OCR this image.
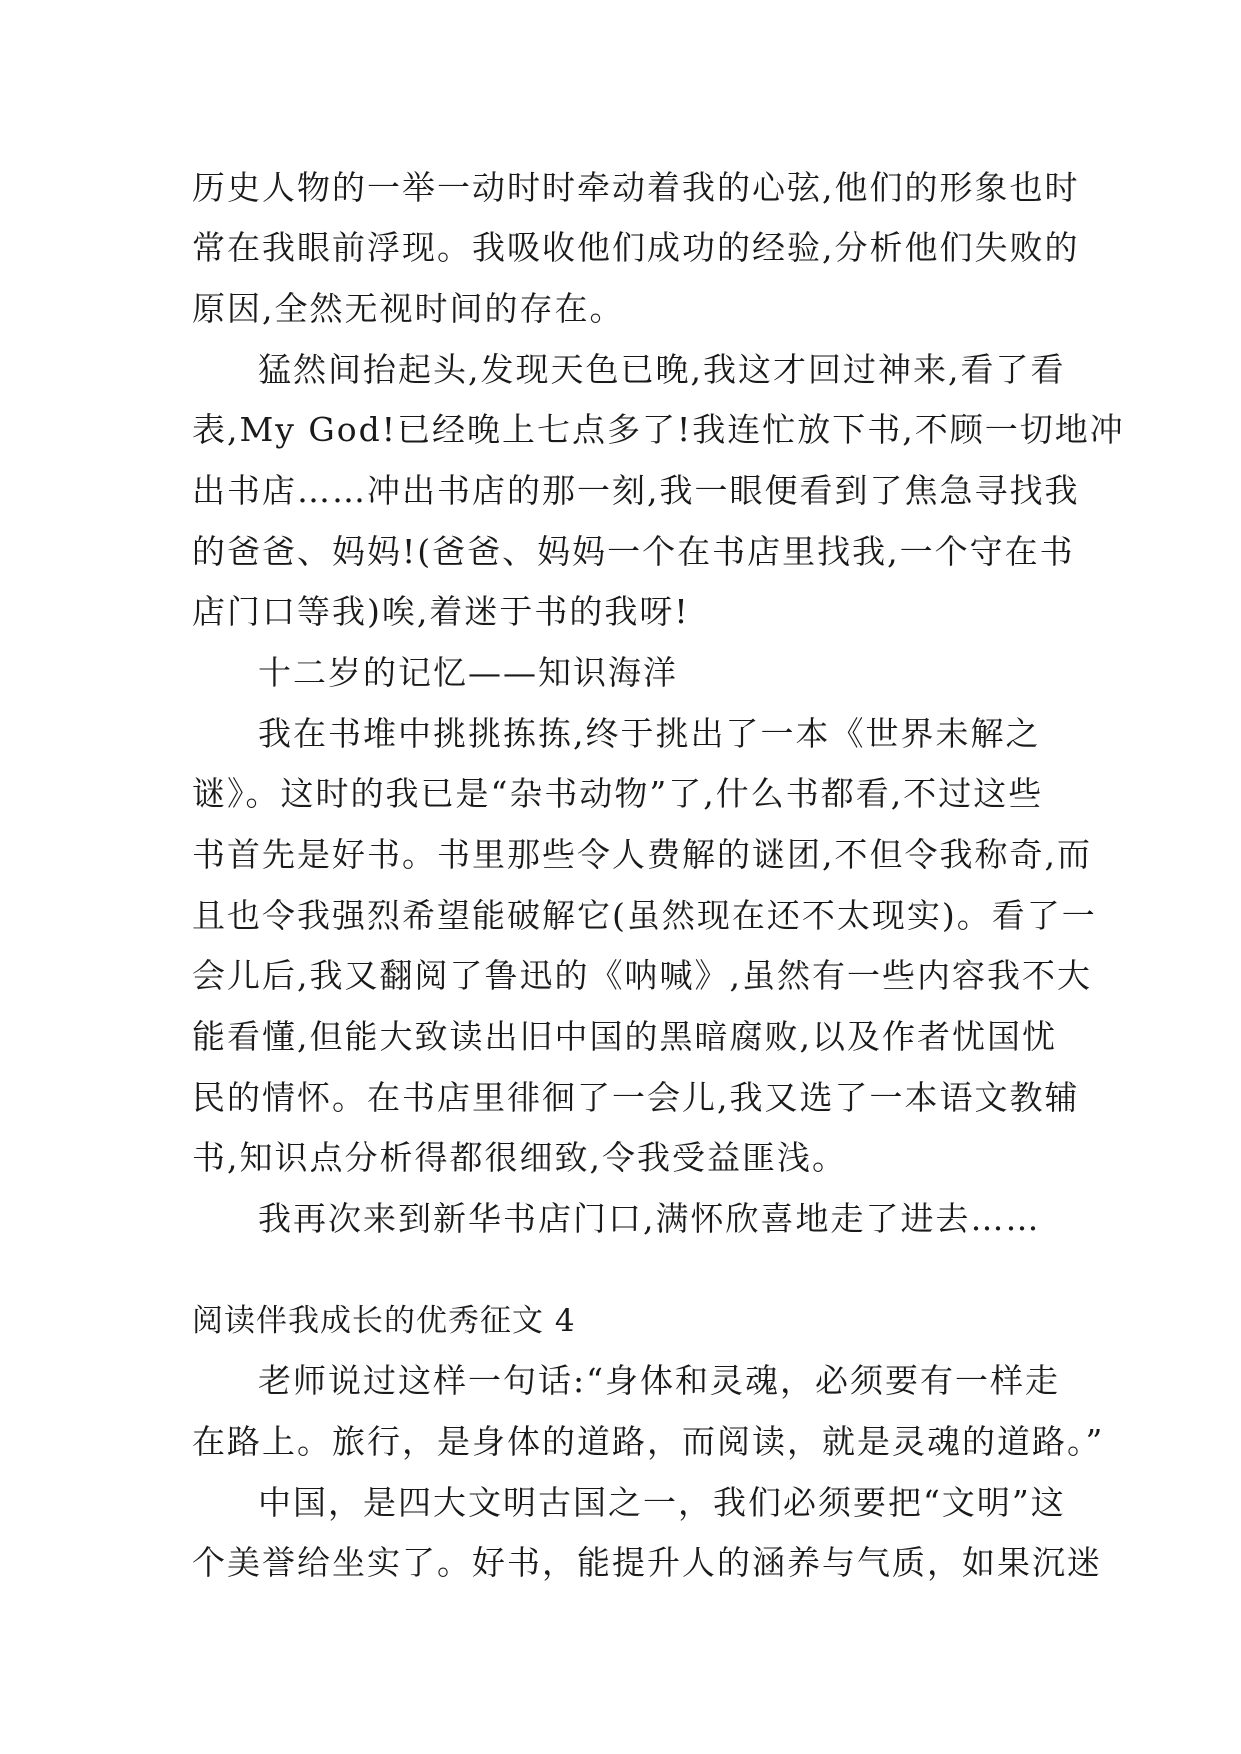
历史人物的一举一动时时牵动着我的心弦,他们的形象也时
常在我眼前浮现。我吸收他们成功的经验,分析他们失败的
原因,全然无视时间的存在。
猛然间抬起头,发现天色已晚,我这才回过神来,看了看
表,My God!已经晚上七点多了!我连忙放下书,不顾一切地冲
出书店……冲出书店的那一刻,我一眼便看到了焦急寻找我
的爸爸、妈妈!(爸爸、妈妈一个在书店里找我,一个守在书
店门口等我)唉,着迷于书的我呀!
十二岁的记忆——知识海洋
我在书堆中挑挑拣拣,终于挑出了一本《世界未解之
谜》。这时的我已是“杂书动物”了,什么书都看,不过这些
书首先是好书。书里那些令人费解的谜团,不但令我称奇,而
且也令我强烈希望能破解它(虽然现在还不太现实)。看了一
会儿后,我又翻阅了鲁迅的《呐喊》,虽然有一些内容我不大
能看懂,但能大致读出旧中国的黑暗腐败,以及作者忧国忧
民的情怀。在书店里徘徊了一会儿,我又选了一本语文教辅
书,知识点分析得都很细致,令我受益匪浅。
我再次来到新华书店门口,满怀欣喜地走了进去……
阅读伴我成长的优秀征文 4
老师说过这样一句话:“身体和灵魂，必须要有一样走
在路上。旅行，是身体的道路，而阅读，就是灵魂的道路。”
中国，是四大文明古国之一，我们必须要把“文明”这
个美誉给坐实了。好书，能提升人的涵养与气质，如果沉迷
